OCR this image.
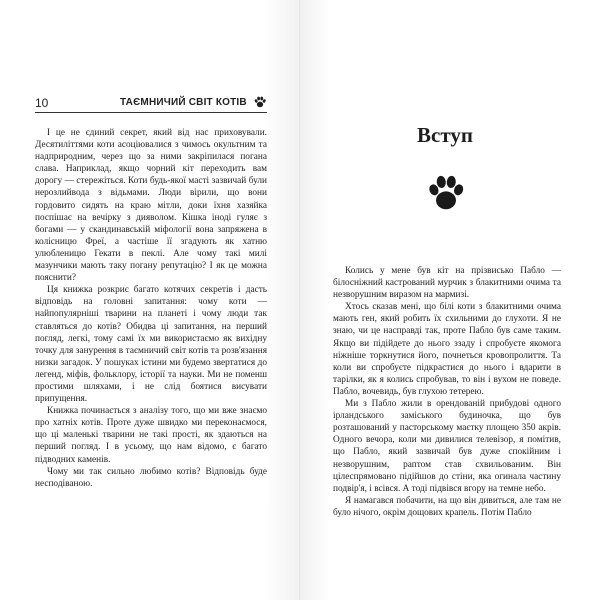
10	ТАЄМНИЧИЙ СВІТ КОТІВ

І це не єдиний секрет, який від нас приховували. Десятиліттями коти асоціювалися з чимось окультним та надприродним, через що за ними закріпилася погана слава. Наприклад, якщо чорний кіт переходить вам дорогу — стережіться. Коти будь-якої масті зазвичай були нерозлийвода з відьмами. Люди вірили, що вони гордовито сидять на краю мітли, доки їхня хазяйка поспішає на вечірку з дияволом. Кішка іноді гуляє з богами — у скандинавській міфології вона запряжена в колісницю Фреї, а частіше її згадують як хатню улюбленицю Гекати в пеклі. Але чому такі милі мазунчики мають таку погану репутацію? І як це можна пояснити?

Ця книжка розкриє багато котячих секретів і дасть відповідь на головні запитання: чому коти — найпопулярніші тварини на планеті і чому люди так ставляться до котів? Обидва ці запитання, на перший погляд, легкі, тому самі їх ми використаємо як вихідну точку для занурення в таємничий світ котів та розв'язання низки загадок. У пошуках істини ми будемо звертатися до легенд, міфів, фольклору, історії та науки. Ми не поменш простими шляхами, і не слід боятися висувати припущення.

Книжка починається з аналізу того, що ми вже знаємо про хатніх котів. Проте дуже швидко ми переконаємося, що ці маленькі тварини не такі прості, як здаються на перший погляд. І в усьому, що нам відомо, є багато підводних каменів.

Чому ми так сильно любимо котів? Відповідь буде несподіваною.

Вступ

Колись у мене був кіт на прізвисько Пабло — білосніжний кастрований мурчик з блакитними очима та незворушним виразом на мармизі.

Хтось сказав мені, що білі коти з блакитними очима мають ген, який робить їх схильними до глухоти. Я не знаю, чи це насправді так, проте Пабло був саме таким. Якщо ви підійдете до нього ззаду і спробуєте якомога ніжніше торкнутися його, почнеться кровопролиття. Та коли ви спробуєте підкрастися до нього і вдарити в тарілки, як я колись спробував, то він і вухом не поведе. Пабло, вочевидь, був глухою тетерею.

Ми з Пабло жили в орендованій прибудові одного ірландського заміського будиночка, що був розташований у пасторському маєтку площею 350 акрів. Одного вечора, коли ми дивилися телевізор, я помітив, що Пабло, який зазвичай був дуже спокійним і незворушним, раптом став схвильованим. Він цілеспрямовано підійшов до стіни, яка огинала частину подвір'я, і всівся. А тоді підвівся вгору на темне небо.

Я намагався побачити, на що він дивиться, але там не було нічого, окрім дощових крапель. Потім Пабло
